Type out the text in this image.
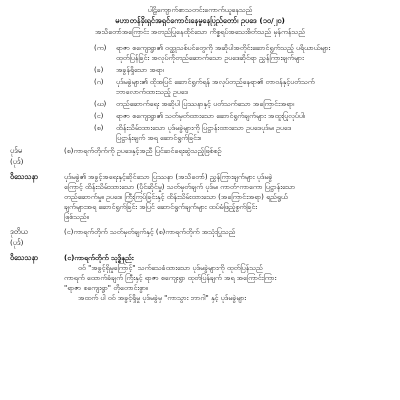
ပါဠိကျောက်စာသတင်းကောက်ယူနေသည်
မဟာတန်ခိုးရှင်အရှင်ကောင်းနေမှုနေပြည်တော်၊ ဥပဒေ (၁၀/၂၀)
အသိတော်အကြောင်း အတည်ပြုနေထိုင်သော ကိစ္စရပ်အသေးစိတ်သည် မှန်ကန်သည်
(က)	ရာဇာ စကျေးရွာ၏ ဝထ္ထုသစ်ပင်တွေကို အဆိုပါအတိုင်းဆောင်ရွက်သည့် ပရိယာယ်များ
ထုတ်ပြန်ခြင်း အလုပ်ကိုတည်ဆောက်သော ဥပဒေဆိုင်ရာ ညွှန်ကြားချက်များ
(ခ)	အခွန်ရှိသော အရာ၊
(ဂ)	ပုဒ်မခွဲများ၏ ထိုအပြင် ဆောင်ရွက်ရန် အလုပ်တည်နေရာ၏ တာဝန်နှင့်ပတ်သက်
ဘာလောက်ထားသည့် ဥပဒေ
(ဃ)	တည်ဆောက်ရေး အဆိုပါ ပြဿနာနှင့် ပတ်သက်သော အကြောင်းအရာ၊
(င)	ရာဇာ စကျေးရွာ၏ သတ်မှတ်ထားသော ဆောင်ရွက်ချက်များ အထူးပြုလုပ်ပါ၊
(စ)	ထိန်းသိမ်းထားသော ပုဒ်မခွဲများကို ပြဋ္ဌာန်းထားသော ဥပဒေပုဒ်မ၊ ဥပဒေ
ပြဋ္ဌာန်းချက် အရ ဆောင်ရွက်ခြင်း။
ပုဒ်မ	(စ)ကာရက်တိုက်ကို ဥပဒေနှင့်အညီ ပြင်ဆင်ရေးဆွဲသည့်ဖြစ်စဉ်
(ပုဒ်)
ဝိသေသနာ	ပုဒ်မခွဲ၏ အခွင့်အရေးနှင့်ဆိုင်သော ပြဿနာ (အသိတော်) ညွှန်ကြားချက်များ ပုဒ်မခွဲ
ကြောင့် ထိန်းသိမ်းထားသော (ပိုင်ဆိုင်မှု) သတ်မှတ်ချက် ပုဒ်မ၊ ကာတ်-ကာကော ပြဋ္ဌာန်းသော
တည်ဆောက်မှု။ ဥပဒေ၊ ကြီးကြပ်ခြင်းနှင့် ထိန်းသိမ်းထားသော (အကြောင်းအရာ) ရည်ရွယ်
ချက်များအရ ဆောင်ရွက်ခြင်း အပြင် ဆောင်ရွက်ချက်များ ထပ်မံဖြည့်စွက်ခြင်း
ဖြစ်သည်။
ဒုတိယ	(င)ကာရက်တိုက် သတ်မှတ်ချက်နှင့် (စ)ကာရက်တိုက် အသုံးပြုသည်
(ပုဒ်)
ဝိသေသနာ	(င)ကာရက်တိုက် သုဒ္ဓိနည်း
ဝဝ် "အခွင့်ရှိမှုကြောင့်" သက်သေခံထားသော ပုဒ်မခွဲများကို ထုတ်ပြန်သည်
ကာရက် ထောက်ခံချက် ကြီးနှင့် ရာဇာ စကျေးရွာ ထုတ်ပြန်ချက် အရ အကြောင်းကြား
"ရာဇာ စကျေးရွာ" တိုတောင်းစွာ။
အထက် ပါ ဝဝ် အခွင့်ရှိမှု ပုဒ်မခွဲမှ "ကာသွား ဘာဂါ" နှင့် ပုဒ်မခွဲများ
